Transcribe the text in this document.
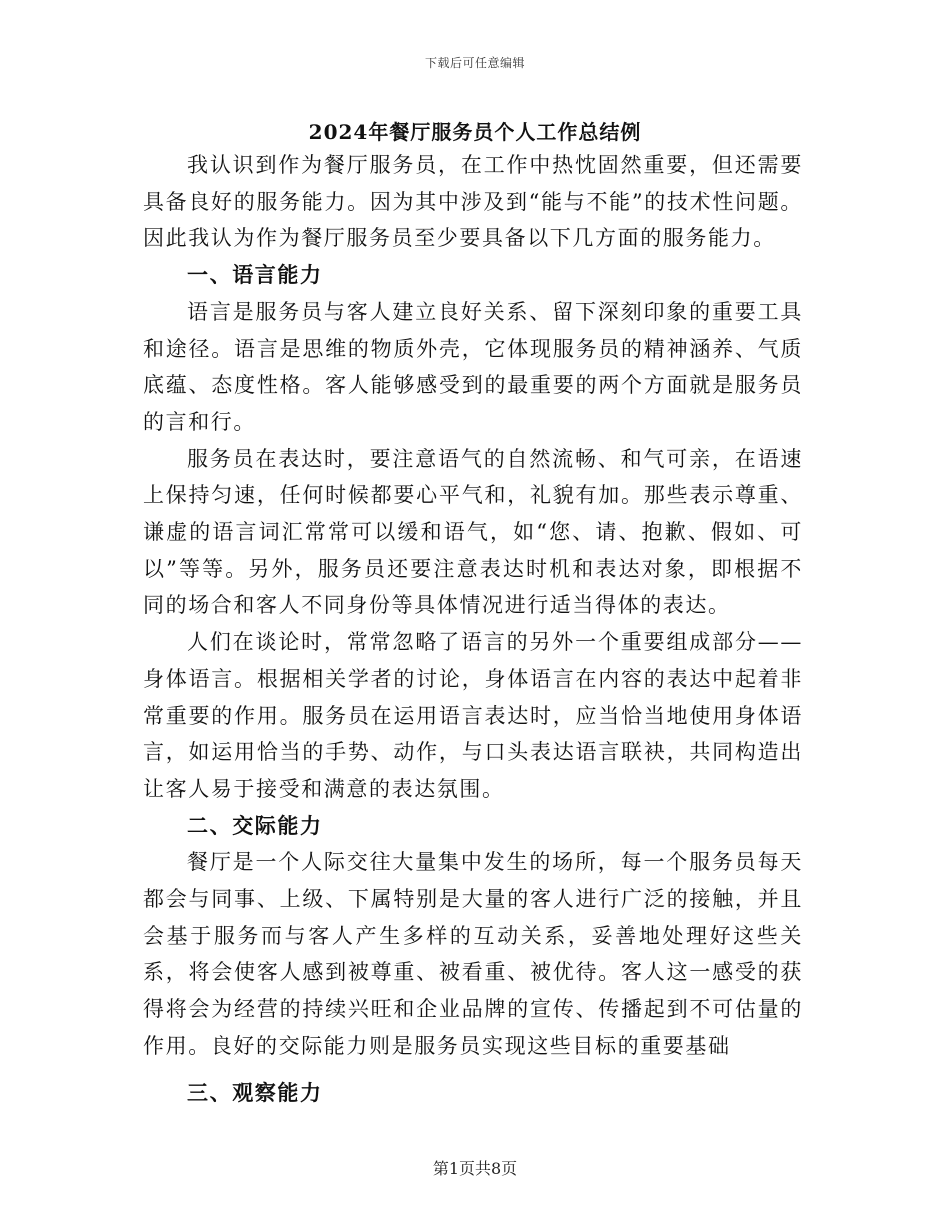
下载后可任意编辑
2024年餐厅服务员个人工作总结例

我认识到作为餐厅服务员，在工作中热忱固然重要，但还需要具备良好的服务能力。因为其中涉及到“能与不能”的技术性问题。因此我认为作为餐厅服务员至少要具备以下几方面的服务能力。

一、语言能力

语言是服务员与客人建立良好关系、留下深刻印象的重要工具和途径。语言是思维的物质外壳，它体现服务员的精神涵养、气质底蕴、态度性格。客人能够感受到的最重要的两个方面就是服务员的言和行。

服务员在表达时，要注意语气的自然流畅、和气可亲，在语速上保持匀速，任何时候都要心平气和，礼貌有加。那些表示尊重、谦虚的语言词汇常常可以缓和语气，如“您、请、抱歉、假如、可以”等等。另外，服务员还要注意表达时机和表达对象，即根据不同的场合和客人不同身份等具体情况进行适当得体的表达。

人们在谈论时，常常忽略了语言的另外一个重要组成部分——身体语言。根据相关学者的讨论，身体语言在内容的表达中起着非常重要的作用。服务员在运用语言表达时，应当恰当地使用身体语言，如运用恰当的手势、动作，与口头表达语言联袂，共同构造出让客人易于接受和满意的表达氛围。

二、交际能力

餐厅是一个人际交往大量集中发生的场所，每一个服务员每天都会与同事、上级、下属特别是大量的客人进行广泛的接触，并且会基于服务而与客人产生多样的互动关系，妥善地处理好这些关系，将会使客人感到被尊重、被看重、被优待。客人这一感受的获得将会为经营的持续兴旺和企业品牌的宣传、传播起到不可估量的作用。良好的交际能力则是服务员实现这些目标的重要基础

三、观察能力
第1页共8页
